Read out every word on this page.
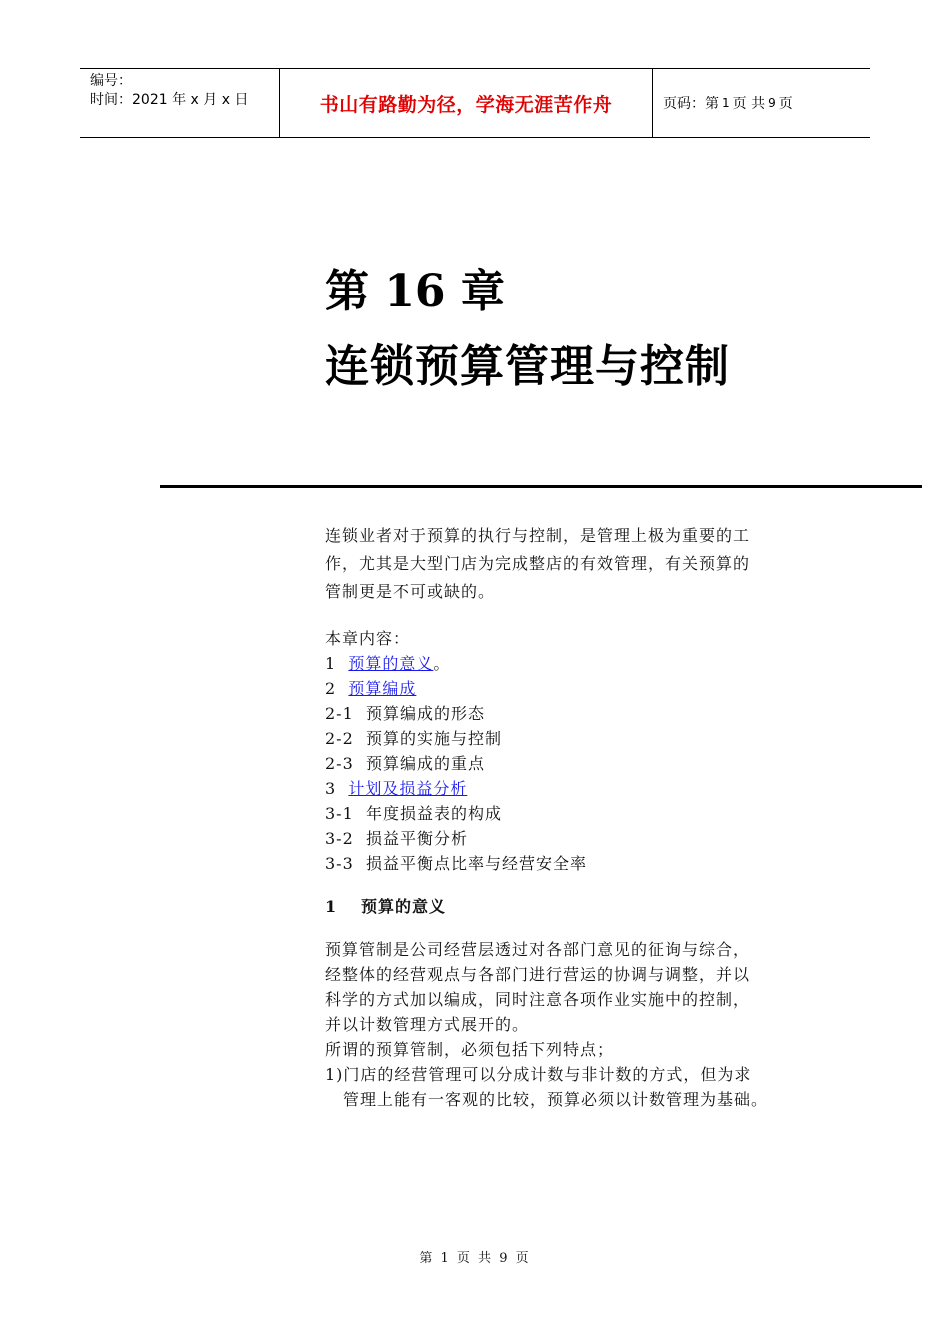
编号：
时间：2021 年 x 月 x 日	书山有路勤为径，学海无涯苦作舟	页码：第 1 页 共 9 页
第 16 章
连锁预算管理与控制

连锁业者对于预算的执行与控制，是管理上极为重要的工
作，尤其是大型门店为完成整店的有效管理，有关预算的
管制更是不可或缺的。

本章内容：
1 预算的意义。
2 预算编成
2-1 预算编成的形态
2-2 预算的实施与控制
2-3 预算编成的重点
3 计划及损益分析
3-1 年度损益表的构成
3-2 损益平衡分析
3-3 损益平衡点比率与经营安全率
1 预算的意义
预算管制是公司经营层透过对各部门意见的征询与综合，
经整体的经营观点与各部门进行营运的协调与调整，并以
科学的方式加以编成，同时注意各项作业实施中的控制，
并以计数管理方式展开的。
所谓的预算管制，必须包括下列特点；
1)门店的经营管理可以分成计数与非计数的方式，但为求
管理上能有一客观的比较，预算必须以计数管理为基础。
第 1 页 共 9 页
